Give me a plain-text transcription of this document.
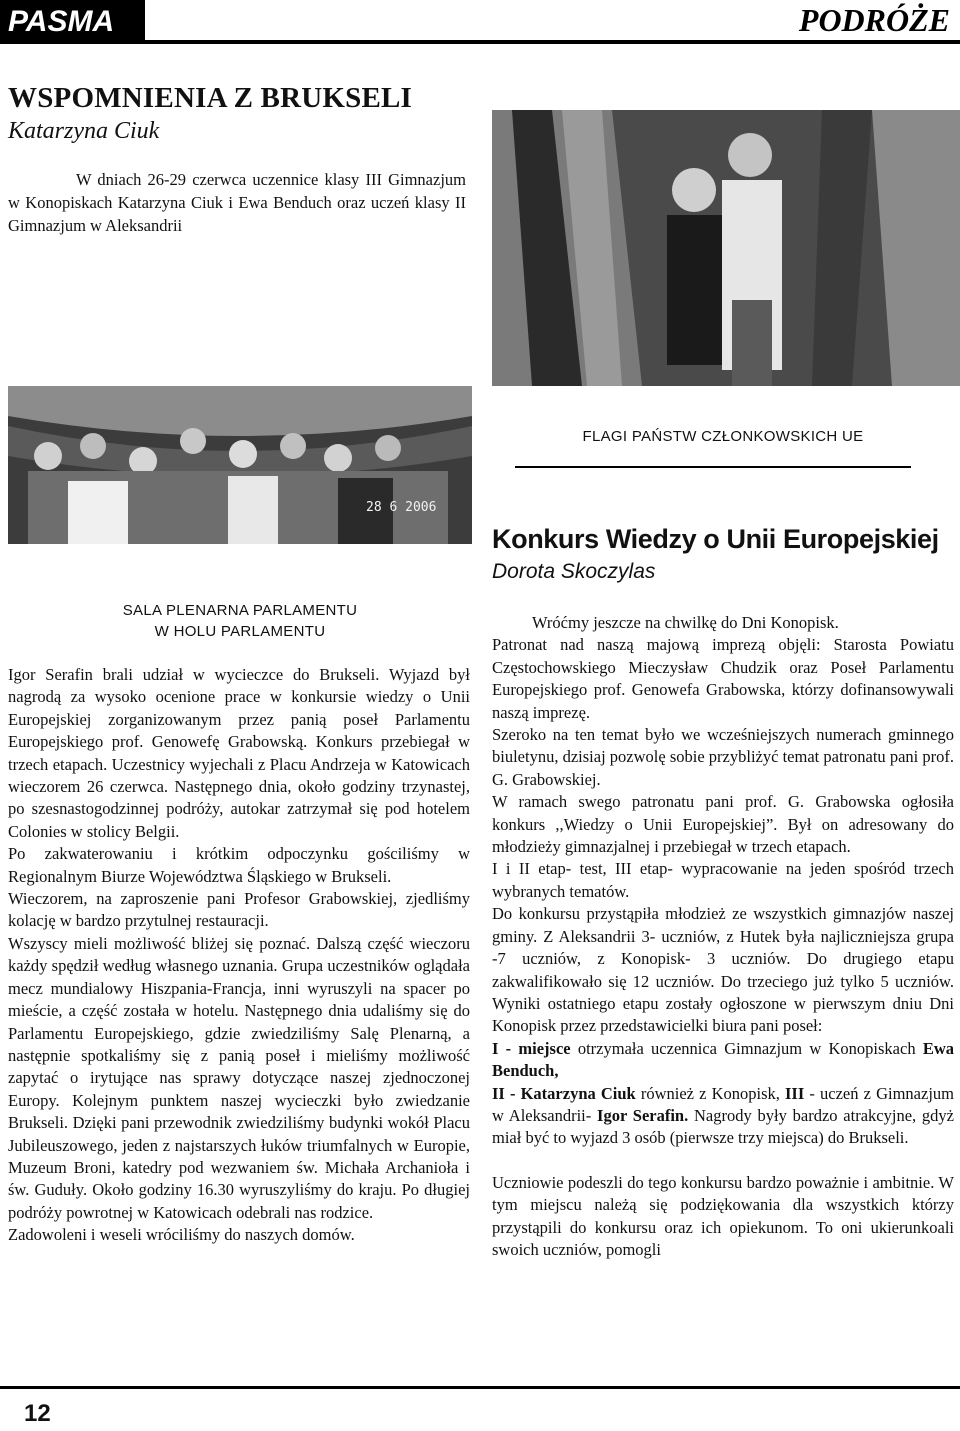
PASMA	PODRÓŻE
WSPOMNIENIA Z BRUKSELI
Katarzyna Ciuk
W dniach 26-29 czerwca uczennice klasy III Gimnazjum w Konopiskach Katarzyna Ciuk i Ewa Benduch oraz uczeń klasy II Gimnazjum w Aleksandrii
28 6 2006
FLAGI PAŃSTW CZŁONKOWSKICH UE
SALA PLENARNA PARLAMENTU
W HOLU PARLAMENTU

Igor Serafin brali udział w wycieczce do Brukseli. Wyjazd był nagrodą za wysoko ocenione prace w konkursie wiedzy o Unii Europejskiej zorganizowanym przez panią poseł Parlamentu Europejskiego prof. Genowefę Grabowską. Konkurs przebiegał w trzech etapach. Uczestnicy wyjechali z Placu Andrzeja w Katowicach wieczorem 26 czerwca. Następnego dnia, około godziny trzynastej, po szesnastogodzinnej podróży, autokar zatrzymał się pod hotelem Colonies w stolicy Belgii.

Po zakwaterowaniu i krótkim odpoczynku gościliśmy w Regionalnym Biurze Województwa Śląskiego w Brukseli.

Wieczorem, na zaproszenie pani Profesor Grabowskiej, zjedliśmy kolację w bardzo przytulnej restauracji.

Wszyscy mieli możliwość bliżej się poznać. Dalszą część wieczoru każdy spędził według własnego uznania. Grupa uczestników oglądała mecz mundialowy Hiszpania-Francja, inni wyruszyli na spacer po mieście, a część została w hotelu. Następnego dnia udaliśmy się do Parlamentu Europejskiego, gdzie zwiedziliśmy Salę Plenarną, a następnie spotkaliśmy się z panią poseł i mieliśmy możliwość zapytać o irytujące nas sprawy dotyczące naszej zjednoczonej Europy. Kolejnym punktem naszej wycieczki było zwiedzanie Brukseli. Dzięki pani przewodnik zwiedziliśmy budynki wokół Placu Jubileuszowego, jeden z najstarszych łuków triumfalnych w Europie, Muzeum Broni, katedry pod wezwaniem św. Michała Archanioła i św. Guduły. Około godziny 16.30 wyruszyliśmy do kraju. Po długiej podróży powrotnej w Katowicach odebrali nas rodzice.

Zadowoleni i weseli wróciliśmy do naszych domów.

Konkurs Wiedzy o Unii Europejskiej
Dorota Skoczylas

Wróćmy jeszcze na chwilkę do Dni Konopisk.

Patronat nad naszą majową imprezą objęli: Starosta Powiatu Częstochowskiego Mieczysław Chudzik oraz Poseł Parlamentu Europejskiego prof. Genowefa Grabowska, którzy dofinansowywali naszą imprezę.

Szeroko na ten temat było we wcześniejszych numerach gminnego biuletynu, dzisiaj pozwolę sobie przybliżyć temat patronatu pani prof. G. Grabowskiej.

W ramach swego patronatu pani prof. G. Grabowska ogłosiła konkurs ,,Wiedzy o Unii Europejskiej”. Był on adresowany do młodzieży gimnazjalnej i przebiegał w trzech etapach.

I i II etap- test, III etap- wypracowanie na jeden spośród trzech wybranych tematów.

Do konkursu przystąpiła młodzież ze wszystkich gimnazjów naszej gminy. Z Aleksandrii 3- uczniów, z Hutek była najliczniejsza grupa -7 uczniów, z Konopisk- 3 uczniów. Do drugiego etapu zakwalifikowało się 12 uczniów. Do trzeciego już tylko 5 uczniów. Wyniki ostatniego etapu zostały ogłoszone w pierwszym dniu Dni Konopisk przez przedstawicielki biura pani poseł:

I - miejsce otrzymała uczennica Gimnazjum w Konopiskach Ewa Benduch,

II - Katarzyna Ciuk również z Konopisk, III - uczeń z Gimnazjum w Aleksandrii- Igor Serafin. Nagrody były bardzo atrakcyjne, gdyż miał być to wyjazd 3 osób (pierwsze trzy miejsca) do Brukseli.

Uczniowie podeszli do tego konkursu bardzo poważnie i ambitnie. W tym miejscu należą się podziękowania dla wszystkich którzy przystąpili do konkursu oraz ich opiekunom. To oni ukierunkoali swoich uczniów, pomogli

12
